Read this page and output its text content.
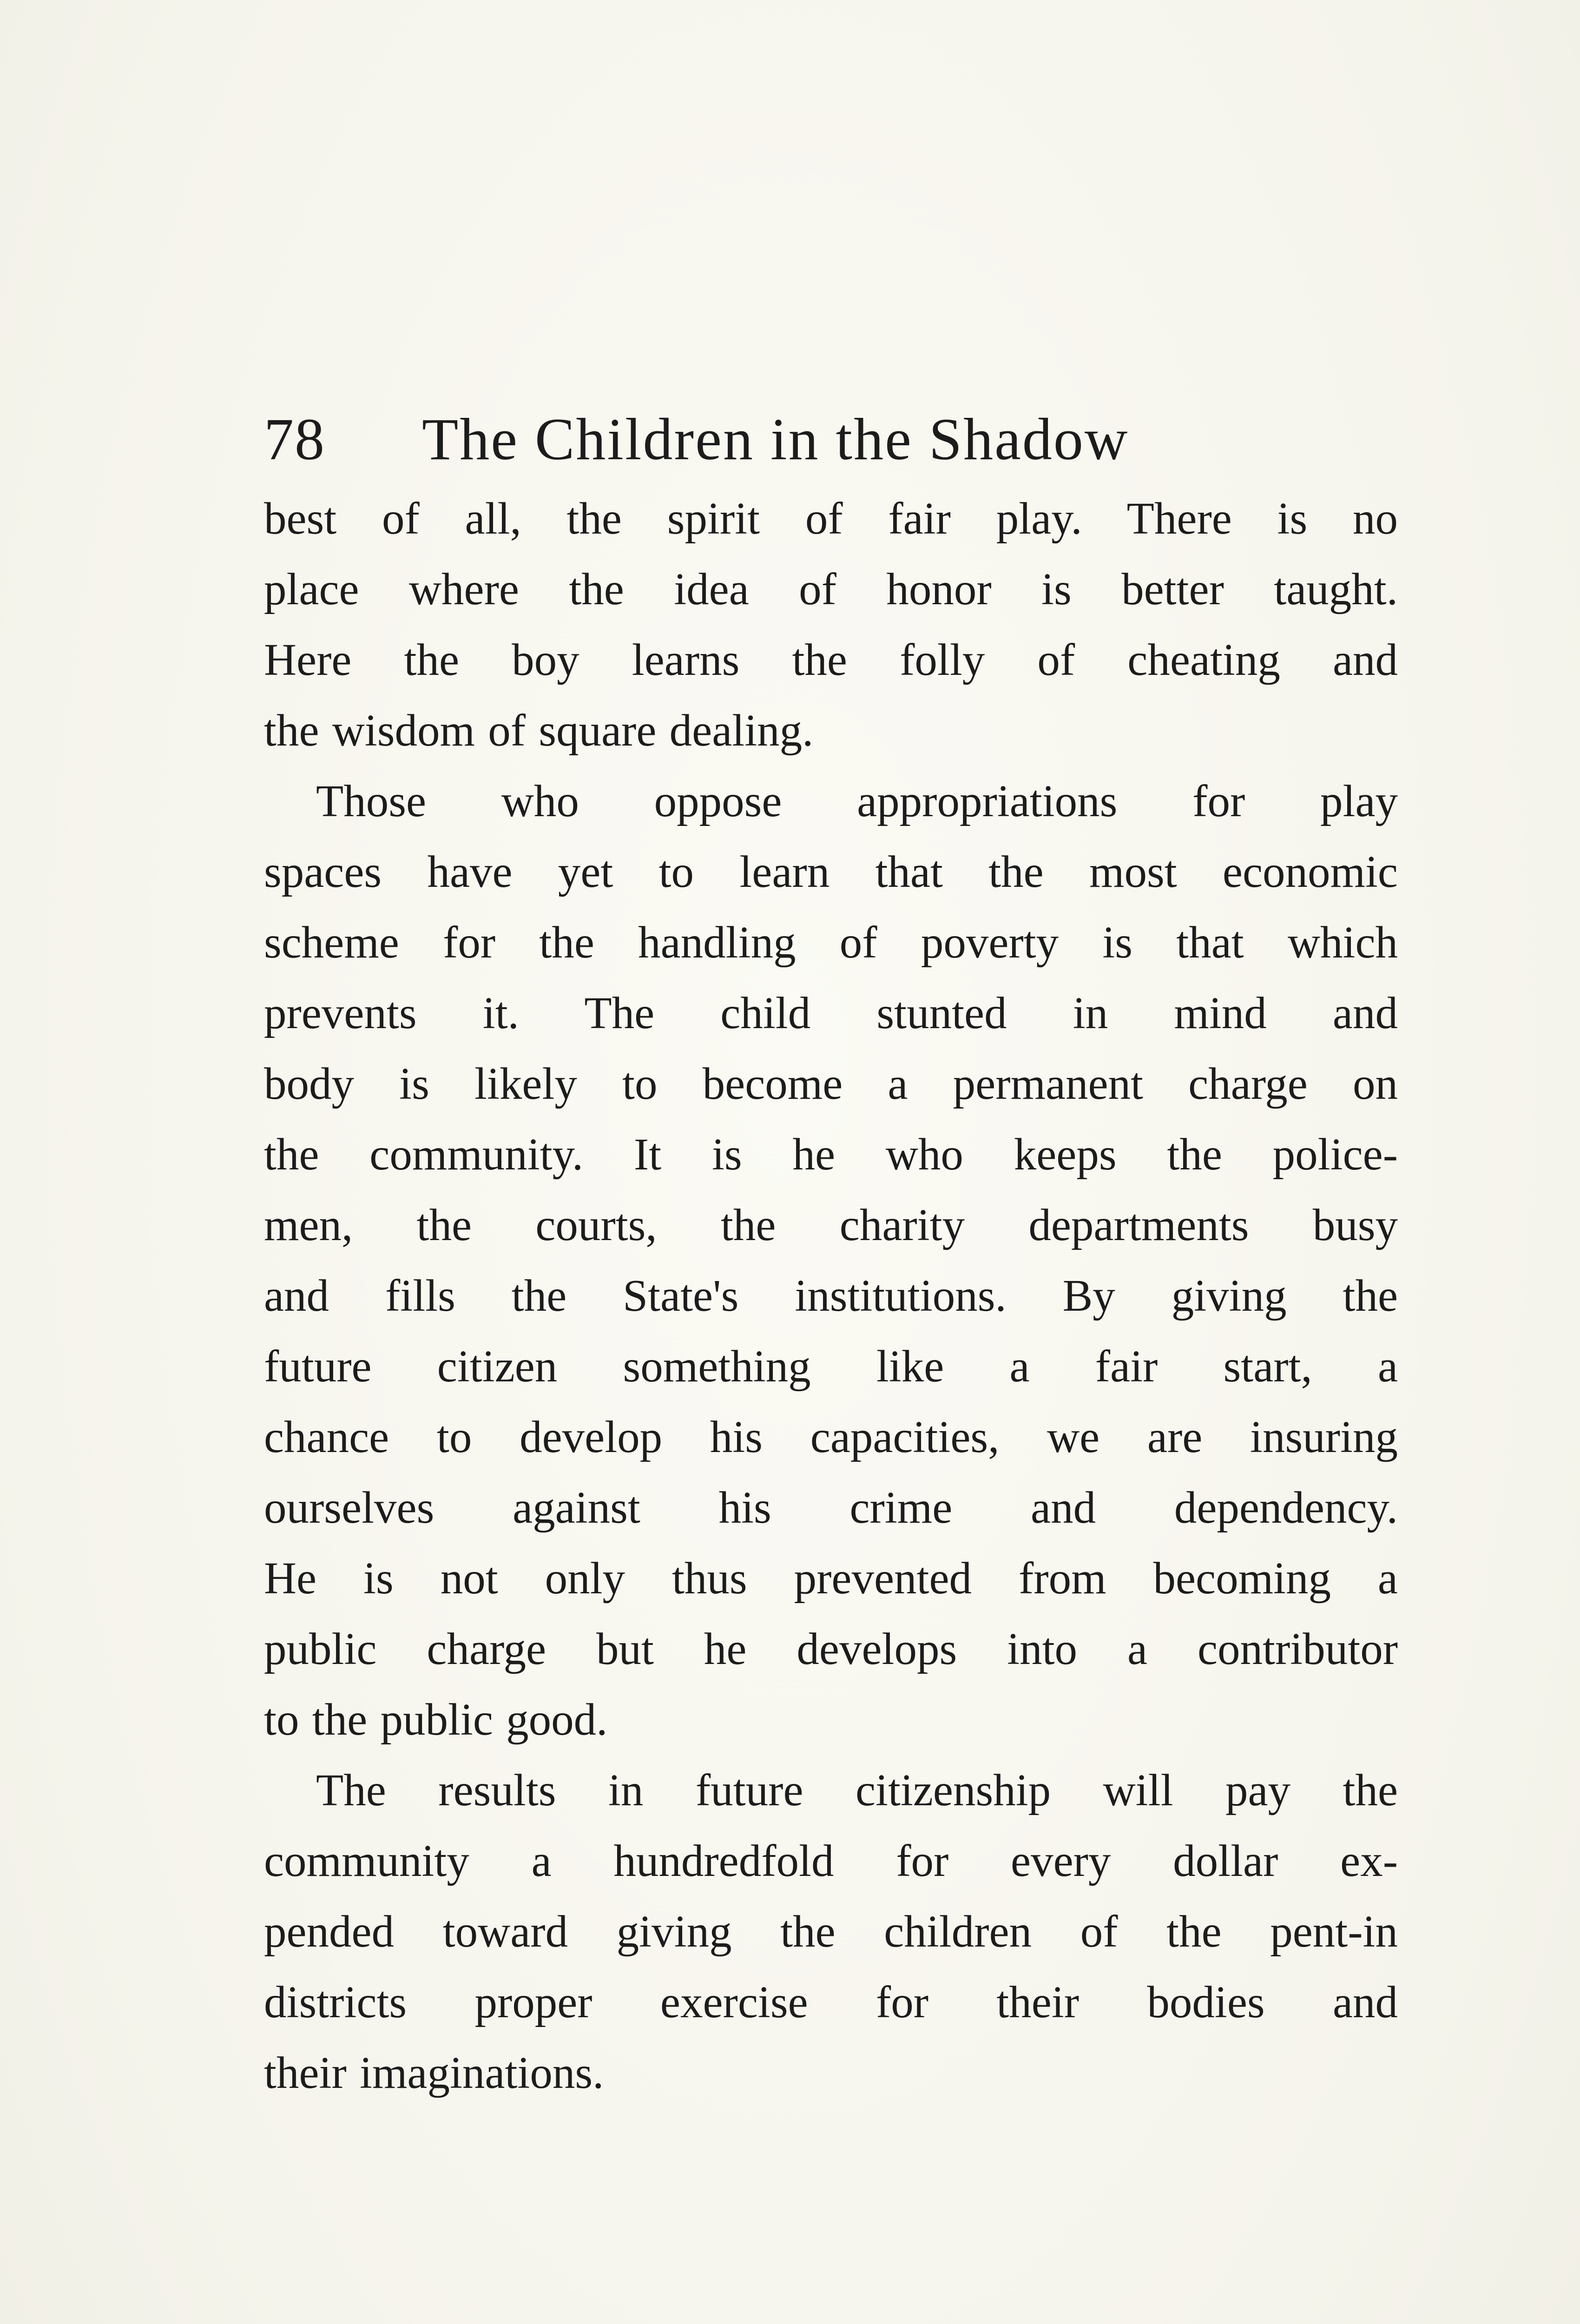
78	The Children in the Shadow
best of all, the spirit of fair play. There is no
place where the idea of honor is better taught.
Here the boy learns the folly of cheating and
the wisdom of square dealing.
Those who oppose appropriations for play
spaces have yet to learn that the most economic
scheme for the handling of poverty is that which
prevents it. The child stunted in mind and
body is likely to become a permanent charge on
the community. It is he who keeps the police-
men, the courts, the charity departments busy
and fills the State's institutions. By giving the
future citizen something like a fair start, a
chance to develop his capacities, we are insuring
ourselves against his crime and dependency.
He is not only thus prevented from becoming a
public charge but he develops into a contributor
to the public good.
The results in future citizenship will pay the
community a hundredfold for every dollar ex-
pended toward giving the children of the pent-in
districts proper exercise for their bodies and
their imaginations.
